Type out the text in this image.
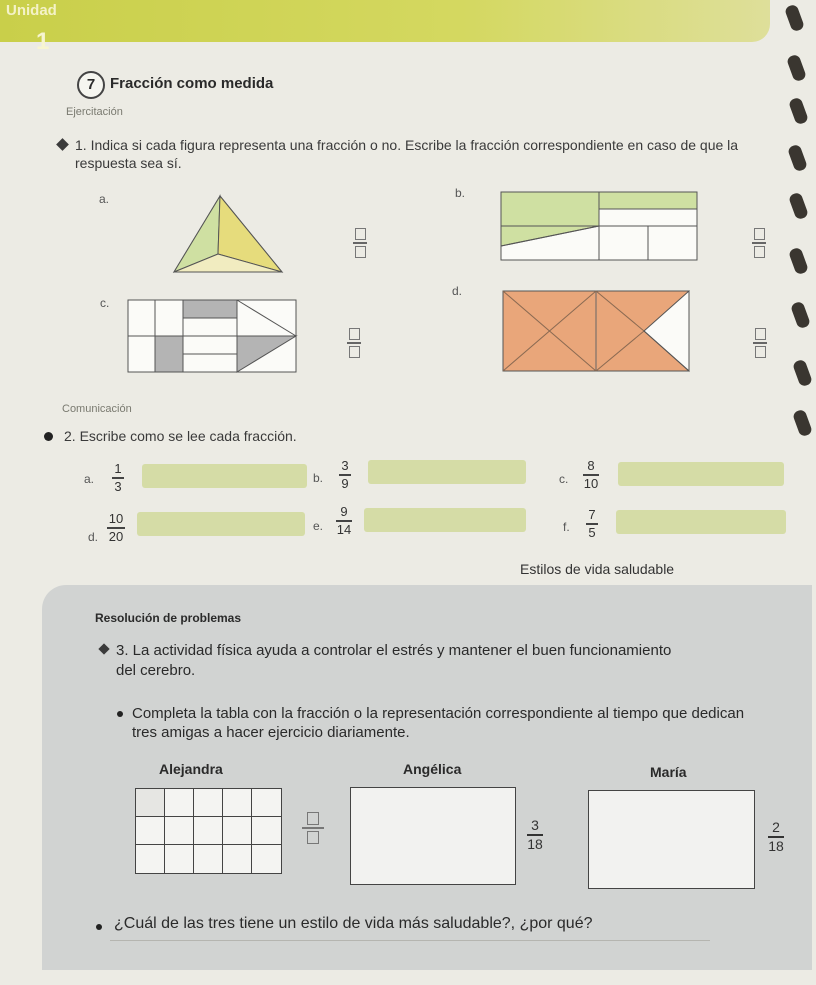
Unidad
1
7 Fracción como medida
Ejercitación
1. Indica si cada figura representa una fracción o no. Escribe la fracción correspondiente en caso de que la respuesta sea sí.
a.	b.
c.
d.
Comunicación
2. Escribe como se lee cada fracción.
a.
1
3
b.
3
9	c.
8
10
d.
10
20
e.
9
14	f.
7
5
Estilos de vida saludable
Resolución de problemas
3. La actividad física ayuda a controlar el estrés y mantener el buen funcionamiento del cerebro.
Completa la tabla con la fracción o la representación correspondiente al tiempo que dedican tres amigas a hacer ejercicio diariamente.
Alejandra	Angélica	María
3
18
2
18
¿Cuál de las tres tiene un estilo de vida más saludable?, ¿por qué?
